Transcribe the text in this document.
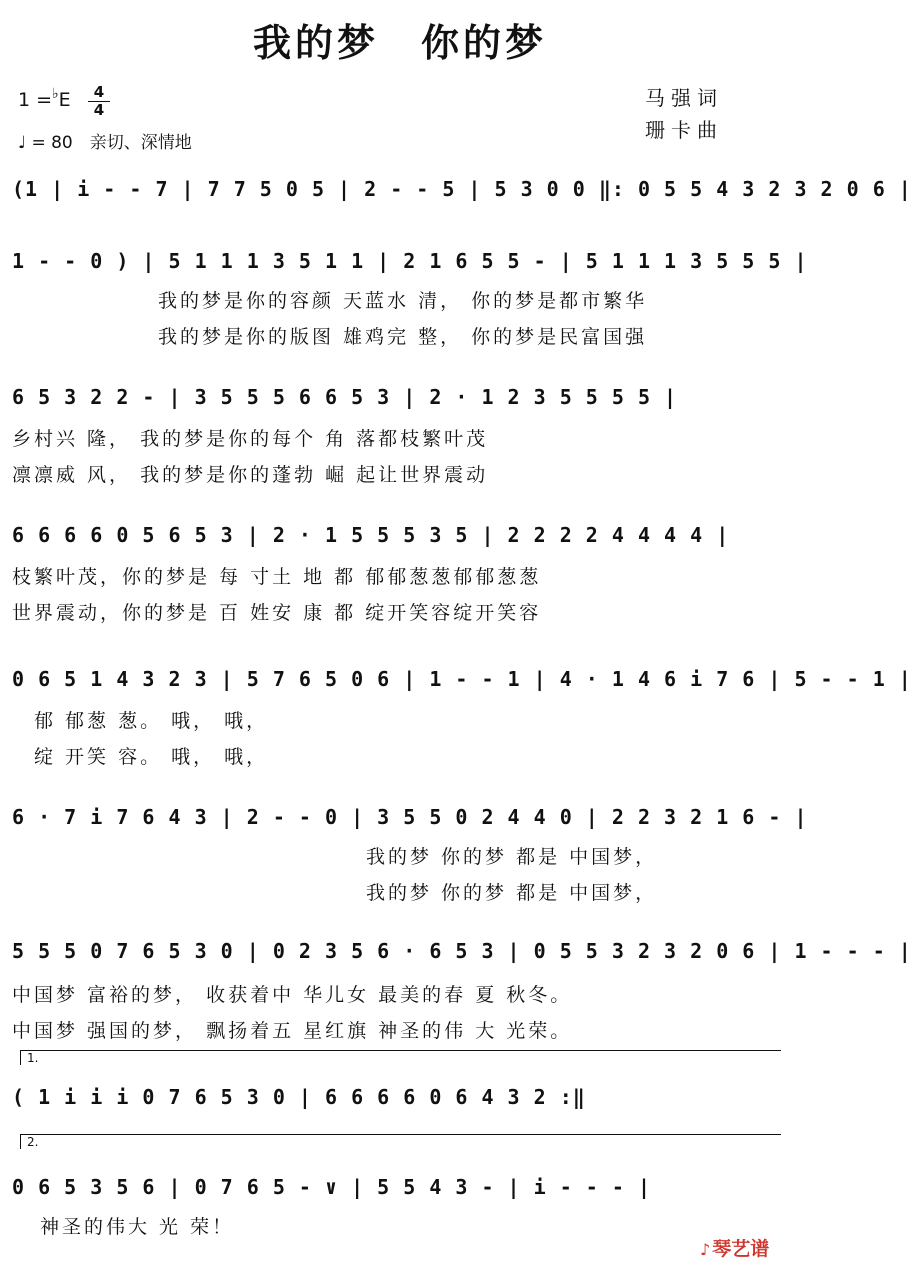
我的梦　你的梦
1 =♭E	4
4
♩ = 80　亲切、深情地
马强词
珊卡曲
(1 | i - - 7 | 7 7 5 0 5 | 2 - - 5 | 5 3 0 0 ‖: 0 5 5 4 3 2 3 2 0 6 |
1 - - 0 ) | 5 1 1 1 3 5 1 1 | 2 1 6 5 5 - | 5 1 1 1 3 5 5 5 |
我的梦是你的容颜 天蓝水 清， 你的梦是都市繁华
我的梦是你的版图 雄鸡完 整， 你的梦是民富国强
6 5 3 2 2 - | 3 5 5 5 6 6 5 3 | 2 · 1 2 3 5 5 5 5 |
乡村兴 隆， 我的梦是你的每个 角 落都枝繁叶茂
凛凛威 风， 我的梦是你的蓬勃 崛 起让世界震动
6 6 6 6 0 5 6 5 3 | 2 · 1 5 5 5 3 5 | 2 2 2 2 4 4 4 4 |
枝繁叶茂，你的梦是 每 寸土 地 都 郁郁葱葱郁郁葱葱
世界震动，你的梦是 百 姓安 康 都 绽开笑容绽开笑容
0 6 5 1 4 3 2 3 | 5 7 6 5 0 6 | 1 - - 1 | 4 · 1 4 6 i 7 6 | 5 - - 1 |
郁 郁葱 葱。 哦， 哦，
绽 开笑 容。 哦， 哦，
6 · 7 i 7 6 4 3 | 2 - - 0 | 3 5 5 0 2 4 4 0 | 2 2 3 2 1 6 - |
我的梦 你的梦 都是 中国梦，
我的梦 你的梦 都是 中国梦，
5 5 5 0 7 6 5 3 0 | 0 2 3 5 6 · 6 5 3 | 0 5 5 3 2 3 2 0 6 | 1 - - - |
中国梦 富裕的梦， 收获着中 华儿女 最美的春 夏 秋冬。
中国梦 强国的梦， 飘扬着五 星红旗 神圣的伟 大 光荣。
1.
( 1 i i i 0 7 6 5 3 0 | 6 6 6 6 0 6 4 3 2 :‖
2.
0 6 5 3 5 6 | 0 7 6 5 - ∨ | 5 5 4 3 - | i - - - |
神圣的伟大 光 荣！
♪ 琴艺谱
